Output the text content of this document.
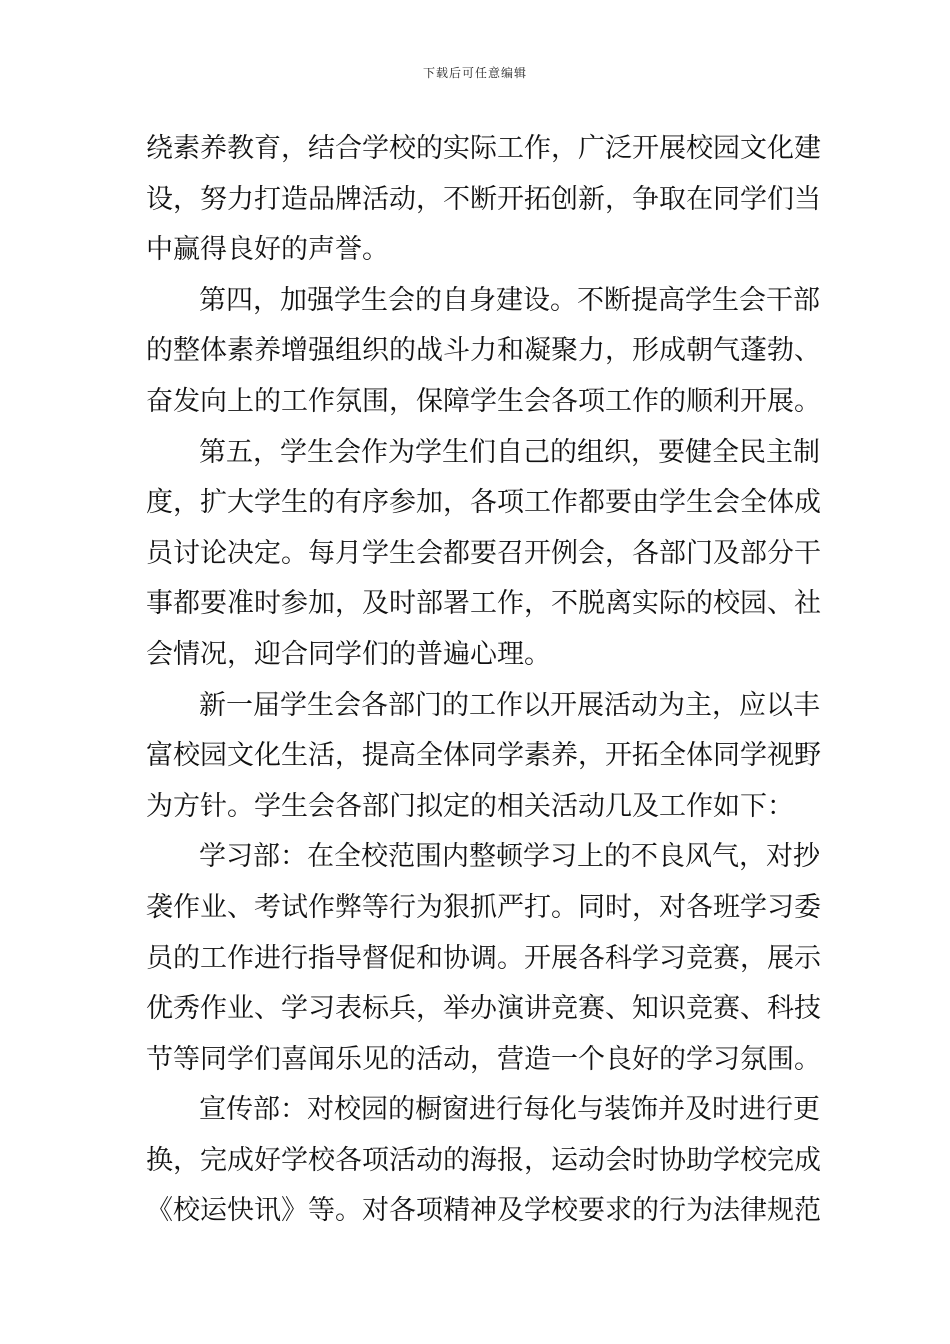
下载后可任意编辑
绕素养教育，结合学校的实际工作，广泛开展校园文化建
设，努力打造品牌活动，不断开拓创新，争取在同学们当
中赢得良好的声誉。
第四，加强学生会的自身建设。不断提高学生会干部
的整体素养增强组织的战斗力和凝聚力，形成朝气蓬勃、
奋发向上的工作氛围，保障学生会各项工作的顺利开展。
第五，学生会作为学生们自己的组织，要健全民主制
度，扩大学生的有序参加，各项工作都要由学生会全体成
员讨论决定。每月学生会都要召开例会，各部门及部分干
事都要准时参加，及时部署工作，不脱离实际的校园、社
会情况，迎合同学们的普遍心理。
新一届学生会各部门的工作以开展活动为主，应以丰
富校园文化生活，提高全体同学素养，开拓全体同学视野
为方针。学生会各部门拟定的相关活动几及工作如下：
学习部：在全校范围内整顿学习上的不良风气，对抄
袭作业、考试作弊等行为狠抓严打。同时，对各班学习委
员的工作进行指导督促和协调。开展各科学习竞赛，展示
优秀作业、学习表标兵，举办演讲竞赛、知识竞赛、科技
节等同学们喜闻乐见的活动，营造一个良好的学习氛围。
宣传部：对校园的橱窗进行每化与装饰并及时进行更
换，完成好学校各项活动的海报，运动会时协助学校完成
《校运快讯》等。对各项精神及学校要求的行为法律规范
